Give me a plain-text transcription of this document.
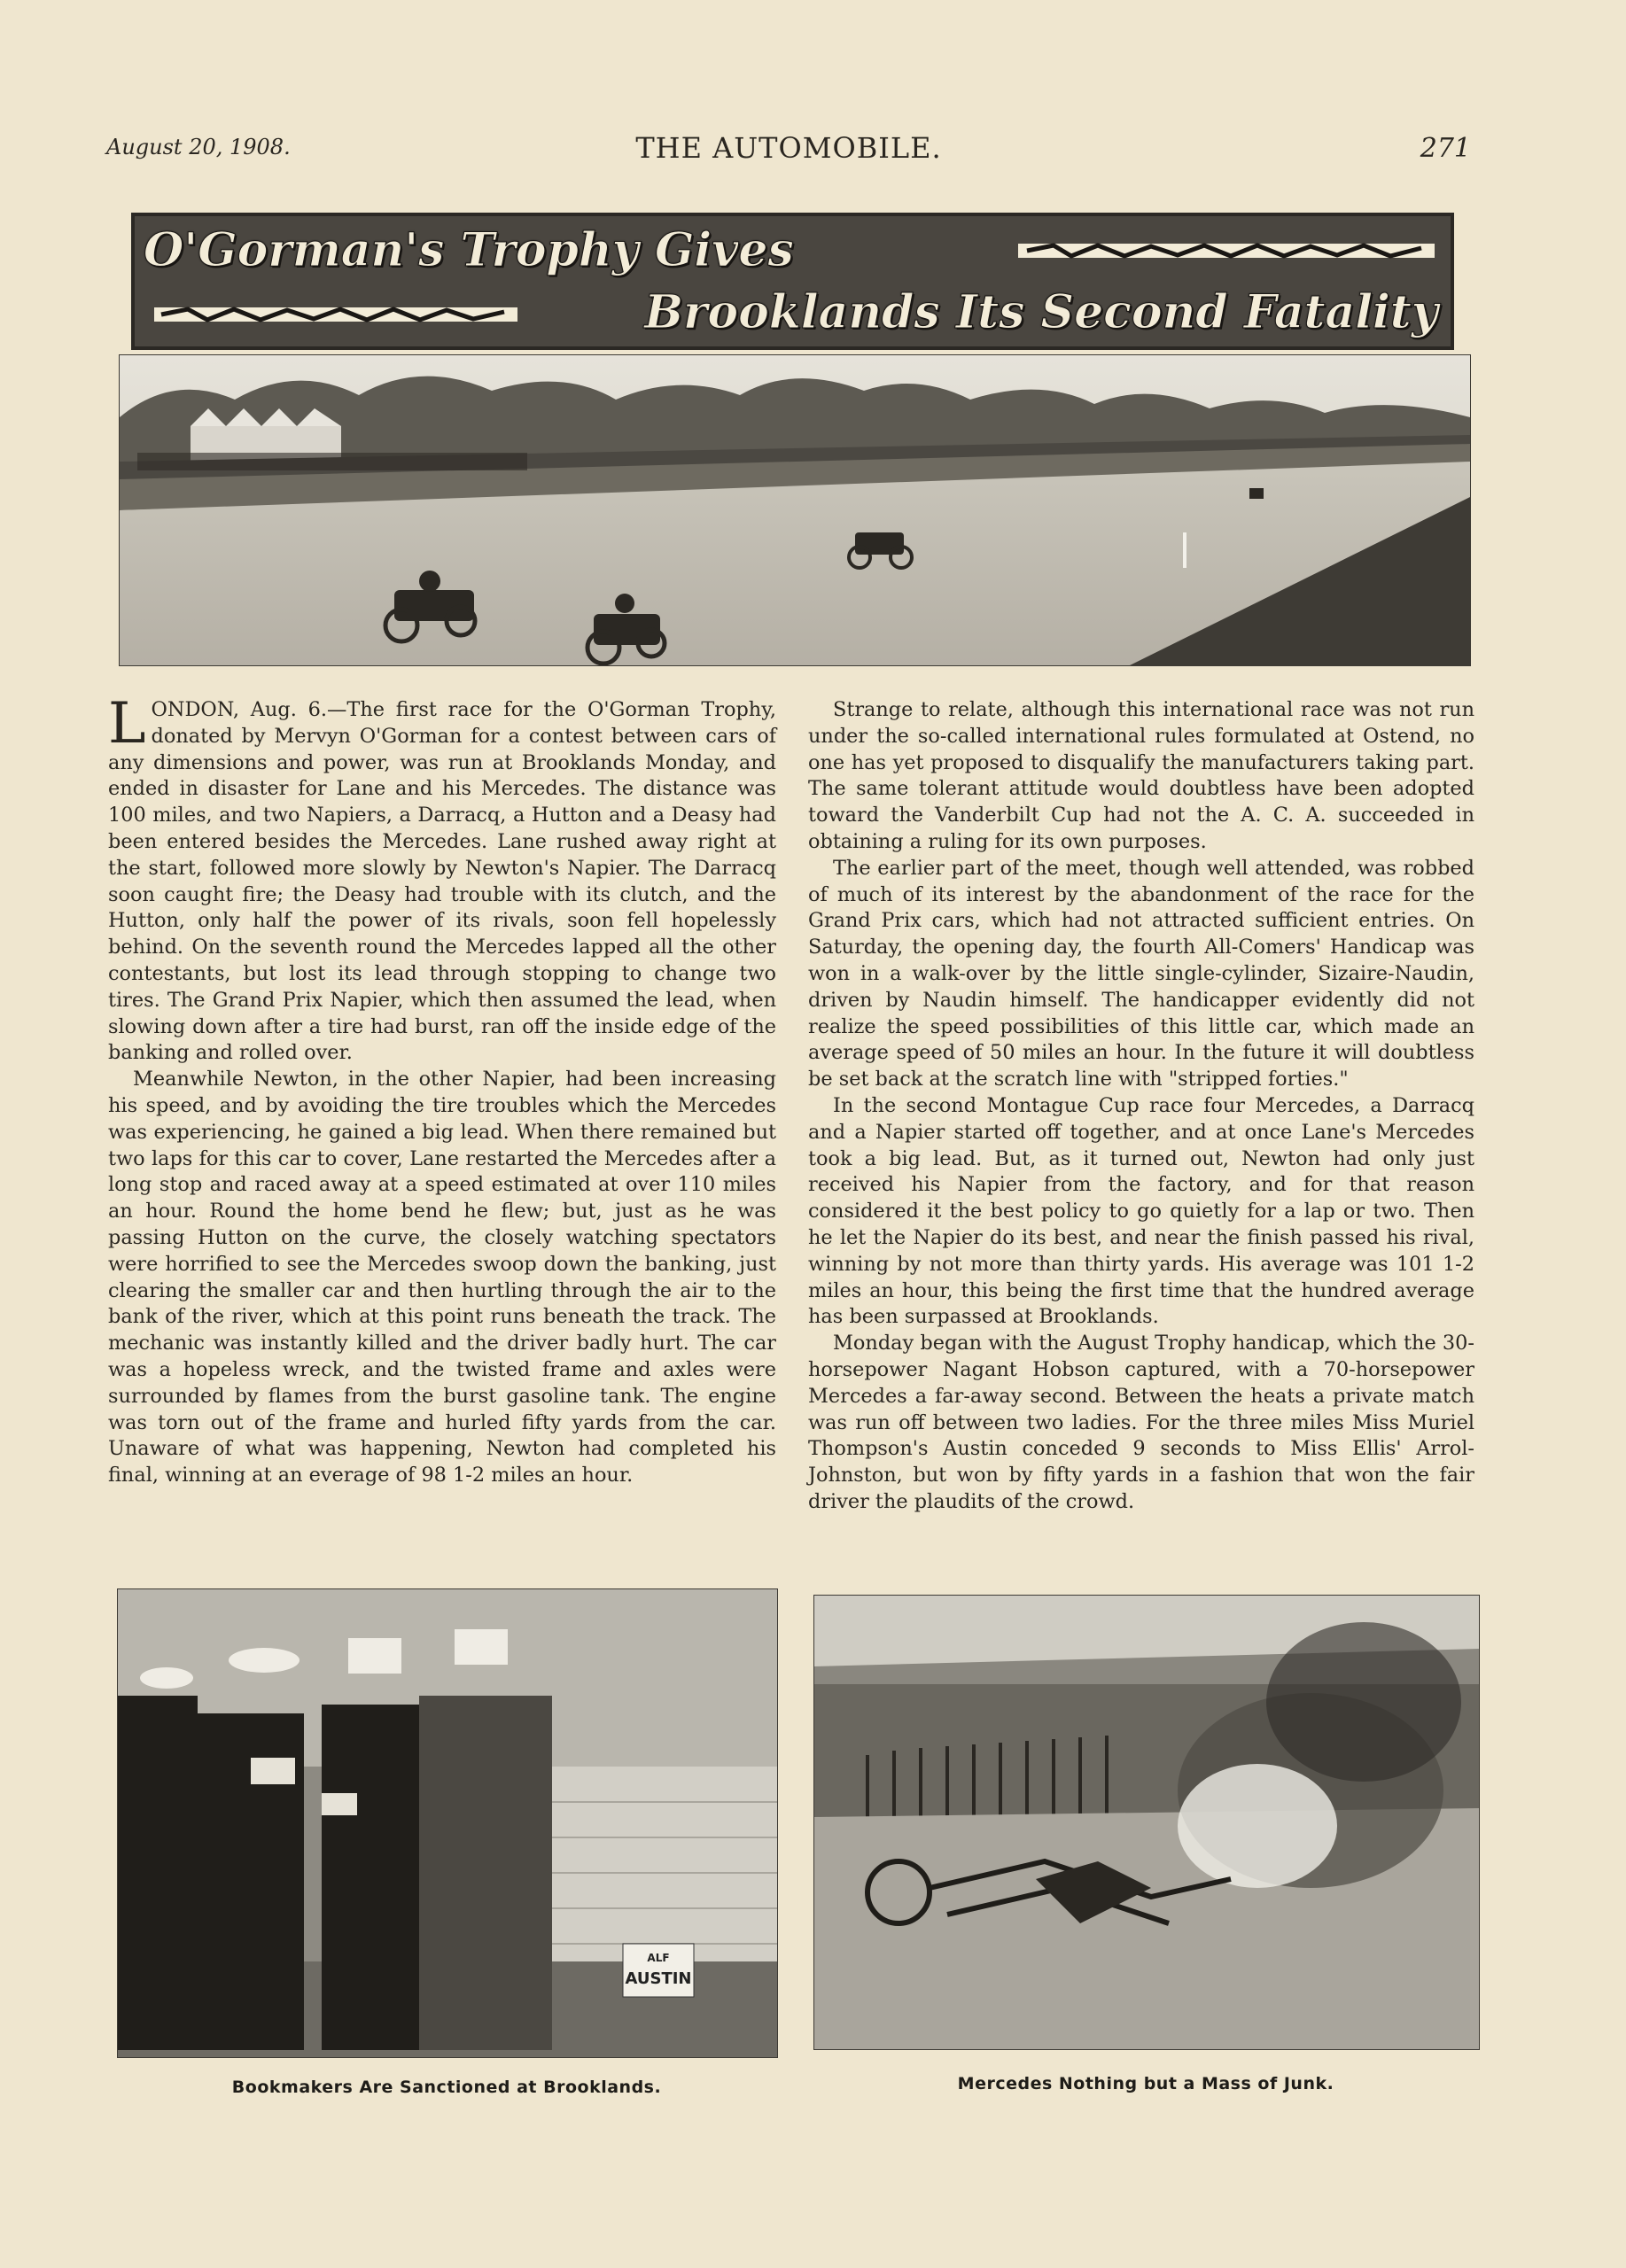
August 20, 1908.	THE AUTOMOBILE.	271
O'Gorman's Trophy Gives
Brooklands Its Second Fatality

LONDON, Aug. 6.—The first race for the O'Gorman Trophy, donated by Mervyn O'Gorman for a contest between cars of any dimensions and power, was run at Brooklands Monday, and ended in disaster for Lane and his Mercedes. The distance was 100 miles, and two Napiers, a Darracq, a Hutton and a Deasy had been entered besides the Mercedes. Lane rushed away right at the start, followed more slowly by Newton's Napier. The Darracq soon caught fire; the Deasy had trouble with its clutch, and the Hutton, only half the power of its rivals, soon fell hopelessly behind. On the seventh round the Mercedes lapped all the other contestants, but lost its lead through stopping to change two tires. The Grand Prix Napier, which then assumed the lead, when slowing down after a tire had burst, ran off the inside edge of the banking and rolled over.

Meanwhile Newton, in the other Napier, had been increasing his speed, and by avoiding the tire troubles which the Mercedes was experiencing, he gained a big lead. When there remained but two laps for this car to cover, Lane restarted the Mercedes after a long stop and raced away at a speed estimated at over 110 miles an hour. Round the home bend he flew; but, just as he was passing Hutton on the curve, the closely watching spectators were horrified to see the Mercedes swoop down the banking, just clearing the smaller car and then hurtling through the air to the bank of the river, which at this point runs beneath the track. The mechanic was instantly killed and the driver badly hurt. The car was a hopeless wreck, and the twisted frame and axles were surrounded by flames from the burst gasoline tank. The engine was torn out of the frame and hurled fifty yards from the car. Unaware of what was happening, Newton had completed his final, winning at an everage of 98 1-2 miles an hour.

Strange to relate, although this international race was not run under the so-called international rules formulated at Ostend, no one has yet proposed to disqualify the manufacturers taking part. The same tolerant attitude would doubtless have been adopted toward the Vanderbilt Cup had not the A. C. A. succeeded in obtaining a ruling for its own purposes.

The earlier part of the meet, though well attended, was robbed of much of its interest by the abandonment of the race for the Grand Prix cars, which had not attracted sufficient entries. On Saturday, the opening day, the fourth All-Comers' Handicap was won in a walk-over by the little single-cylinder, Sizaire-Naudin, driven by Naudin himself. The handicapper evidently did not realize the speed possibilities of this little car, which made an average speed of 50 miles an hour. In the future it will doubtless be set back at the scratch line with "stripped forties."

In the second Montague Cup race four Mercedes, a Darracq and a Napier started off together, and at once Lane's Mercedes took a big lead. But, as it turned out, Newton had only just received his Napier from the factory, and for that reason considered it the best policy to go quietly for a lap or two. Then he let the Napier do its best, and near the finish passed his rival, winning by not more than thirty yards. His average was 101 1-2 miles an hour, this being the first time that the hundred average has been surpassed at Brooklands.

Monday began with the August Trophy handicap, which the 30-horsepower Nagant Hobson captured, with a 70-horsepower Mercedes a far-away second. Between the heats a private match was run off between two ladies. For the three miles Miss Muriel Thompson's Austin conceded 9 seconds to Miss Ellis' Arrol-Johnston, but won by fifty yards in a fashion that won the fair driver the plaudits of the crowd.

ALF
AUSTIN
Bookmakers Are Sanctioned at Brooklands.	Mercedes Nothing but a Mass of Junk.
